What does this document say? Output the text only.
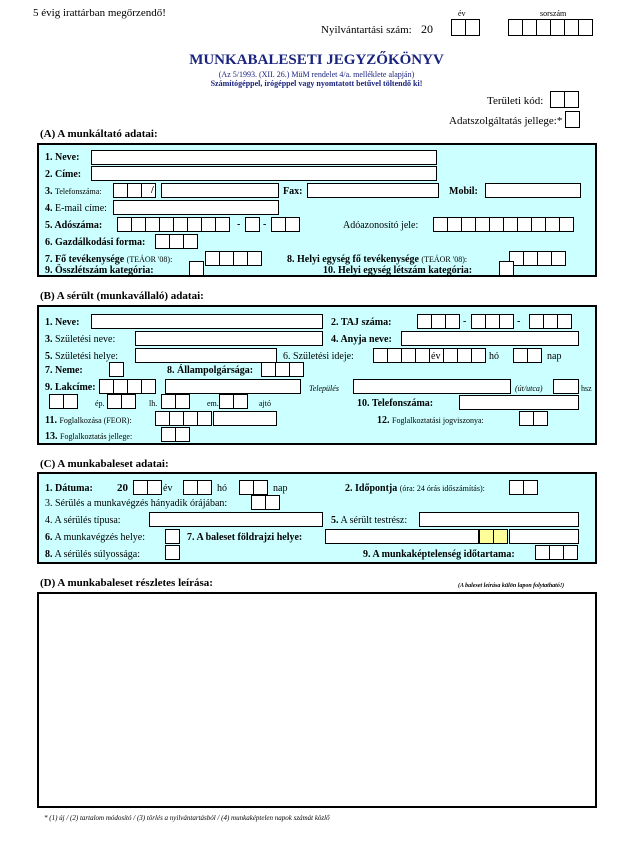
5 évig irattárban megőrzendő!	év	sorszám
Nyilvántartási szám: 20
MUNKABALESETI JEGYZŐKÖNYV
(Az 5/1993. (XII. 26.) MüM rendelet 4/a. melléklete alapján)
Számítógéppel, írógéppel vagy nyomtatott betűvel töltendő ki!
Területi kód:
Adatszolgáltatás jellege:*
(A) A munkáltató adatai:
1. Neve:
2. Címe:
3. Telefonszáma:	/	Fax:	Mobil:
4. E-mail címe:
5. Adószáma:	- -	Adóazonosító jele:
6. Gazdálkodási forma:
7. Fő tevékenysége (TEÁOR '08):	8. Helyi egység fő tevékenysége (TEÁOR '08):
9. Összlétszám kategória:	10. Helyi egység létszám kategória:
(B) A sérült (munkavállaló) adatai:
1. Neve:	2. TAJ száma:	-	-
3. Születési neve:	4. Anyja neve:
5. Születési helye:	6. Születési ideje:	év	hó	nap
7. Neme:	8. Állampolgársága:
9. Lakcíme:	Település	(út/utca)	hsz
ép.	lh.	em.	ajtó	10. Telefonszáma:
11. Foglalkozása (FEOR):	12. Foglalkoztatási jogviszonya:
13. Foglalkoztatás jellege:
(C) A munkabaleset adatai:
1. Dátuma: 20	év	hó	nap	2. Időpontja (óra: 24 órás időszámítás):
3. Sérülés a munkavégzés hányadik órájában:
4. A sérülés típusa:	5. A sérült testrész:
6. A munkavégzés helye:	7. A baleset földrajzi helye:
8. A sérülés súlyossága:	9. A munkaképtelenség időtartama:
(D) A munkabaleset részletes leírása:	(A baleset leírása külön lapon folytatható!)
* (1) új / (2) tartalom módosító / (3) törlés a nyilvántartásból / (4) munkaképtelen napok számát közlő
